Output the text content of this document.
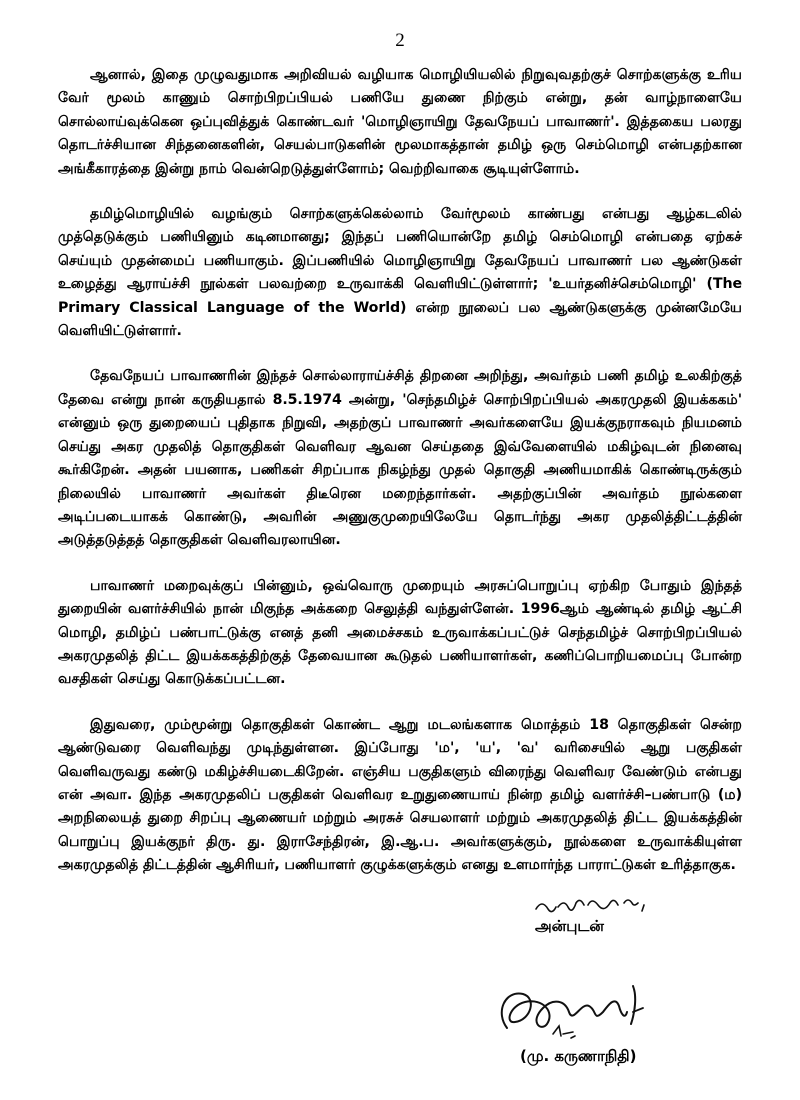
2

ஆனால், இதை முழுவதுமாக அறிவியல் வழியாக மொழியியலில் நிறுவுவதற்குச் சொற்களுக்கு உரிய வேர் மூலம் காணும் சொற்பிறப்பியல் பணியே துணை நிற்கும் என்று, தன் வாழ்நாளையே சொல்லாய்வுக்கென ஒப்புவித்துக் கொண்டவர் 'மொழிஞாயிறு தேவநேயப் பாவாணர்'. இத்தகைய பலரது தொடர்ச்சியான சிந்தனைகளின், செயல்பாடுகளின் மூலமாகத்தான் தமிழ் ஒரு செம்மொழி என்பதற்கான அங்கீகாரத்தை இன்று நாம் வென்றெடுத்துள்ளோம்; வெற்றிவாகை சூடியுள்ளோம்.

தமிழ்மொழியில் வழங்கும் சொற்களுக்கெல்லாம் வேர்மூலம் காண்பது என்பது ஆழ்கடலில் முத்தெடுக்கும் பணியினும் கடினமானது; இந்தப் பணியொன்றே தமிழ் செம்மொழி என்பதை ஏற்கச் செய்யும் முதன்மைப் பணியாகும். இப்பணியில் மொழிஞாயிறு தேவநேயப் பாவாணர் பல ஆண்டுகள் உழைத்து ஆராய்ச்சி நூல்கள் பலவற்றை உருவாக்கி வெளியிட்டுள்ளார்; 'உயர்தனிச்செம்மொழி' (The Primary Classical Language of the World) என்ற நூலைப் பல ஆண்டுகளுக்கு முன்னமேயே வெளியிட்டுள்ளார்.

தேவநேயப் பாவாணரின் இந்தச் சொல்லாராய்ச்சித் திறனை அறிந்து, அவர்தம் பணி தமிழ் உலகிற்குத் தேவை என்று நான் கருதியதால் 8.5.1974 அன்று, 'செந்தமிழ்ச் சொற்பிறப்பியல் அகரமுதலி இயக்ககம்' என்னும் ஒரு துறையைப் புதிதாக நிறுவி, அதற்குப் பாவாணர் அவர்களையே இயக்குநராகவும் நியமனம் செய்து அகர முதலித் தொகுதிகள் வெளிவர ஆவன செய்ததை இவ்வேளையில் மகிழ்வுடன் நினைவு கூர்கிறேன். அதன் பயனாக, பணிகள் சிறப்பாக நிகழ்ந்து முதல் தொகுதி அணியமாகிக் கொண்டிருக்கும் நிலையில் பாவாணர் அவர்கள் திடீரென மறைந்தார்கள். அதற்குப்பின் அவர்தம் நூல்களை அடிப்படையாகக் கொண்டு, அவரின் அணுகுமுறையிலேயே தொடர்ந்து அகர முதலித்திட்டத்தின் அடுத்தடுத்தத் தொகுதிகள் வெளிவரலாயின.

பாவாணர் மறைவுக்குப் பின்னும், ஒவ்வொரு முறையும் அரசுப்பொறுப்பு ஏற்கிற போதும் இந்தத் துறையின் வளர்ச்சியில் நான் மிகுந்த அக்கறை செலுத்தி வந்துள்ளேன். 1996ஆம் ஆண்டில் தமிழ் ஆட்சி மொழி, தமிழ்ப் பண்பாட்டுக்கு எனத் தனி அமைச்சகம் உருவாக்கப்பட்டுச் செந்தமிழ்ச் சொற்பிறப்பியல் அகரமுதலித் திட்ட இயக்ககத்திற்குத் தேவையான கூடுதல் பணியாளர்கள், கணிப்பொறியமைப்பு போன்ற வசதிகள் செய்து கொடுக்கப்பட்டன.

இதுவரை, மும்மூன்று தொகுதிகள் கொண்ட ஆறு மடலங்களாக மொத்தம் 18 தொகுதிகள் சென்ற ஆண்டுவரை வெளிவந்து முடிந்துள்ளன. இப்போது 'ம', 'ய', 'வ' வரிசையில் ஆறு பகுதிகள் வெளிவருவது கண்டு மகிழ்ச்சியடைகிறேன். எஞ்சிய பகுதிகளும் விரைந்து வெளிவர வேண்டும் என்பது என் அவா. இந்த அகரமுதலிப் பகுதிகள் வெளிவர உறுதுணையாய் நின்ற தமிழ் வளர்ச்சி–பண்பாடு (ம) அறநிலையத் துறை சிறப்பு ஆணையர் மற்றும் அரசுச் செயலாளர் மற்றும் அகரமுதலித் திட்ட இயக்கத்தின் பொறுப்பு இயக்குநர் திரு. து. இராசேந்திரன், இ.ஆ.ப. அவர்களுக்கும், நூல்களை உருவாக்கியுள்ள அகரமுதலித் திட்டத்தின் ஆசிரியர், பணியாளர் குழுக்களுக்கும் எனது உளமார்ந்த பாராட்டுகள் உரித்தாகுக.

அன்புடன்
(மு. கருணாநிதி)
